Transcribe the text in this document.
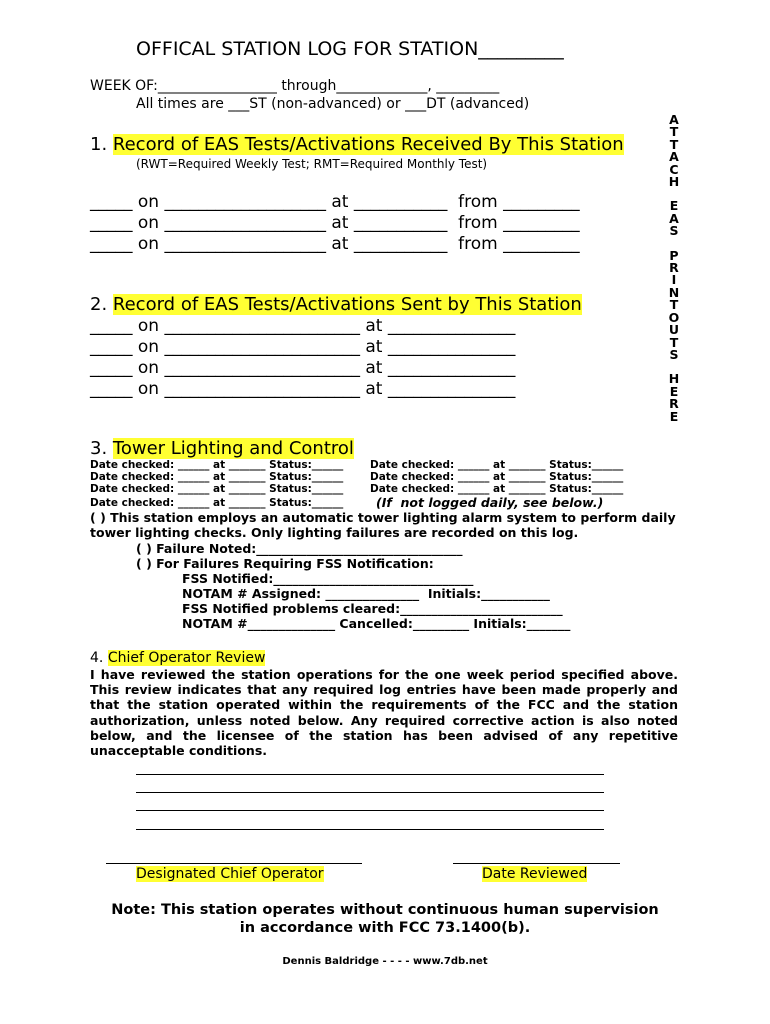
OFFICAL STATION LOG FOR STATION_________
WEEK OF:_________________ through_____________, _________
All times are ___ST (non-advanced) or ___DT (advanced)
1. Record of EAS Tests/Activations Received By This Station
(RWT=Required Weekly Test; RMT=Required Monthly Test)
_____ on ___________________ at ___________  from _________
_____ on ___________________ at ___________  from _________
_____ on ___________________ at ___________  from _________
2. Record of EAS Tests/Activations Sent by This Station
_____ on _______________________ at _______________
_____ on _______________________ at _______________
_____ on _______________________ at _______________
_____ on _______________________ at _______________
A
T
T
A
C
H
E
A
S
P
R
I
N
T
O
U
T
S
H
E
R
E
3. Tower Lighting and Control
Date checked: ______ at _______ Status:______
Date checked: ______ at _______ Status:______
Date checked: ______ at _______ Status:______
Date checked: ______ at _______ Status:______
Date checked: ______ at _______ Status:______
Date checked: ______ at _______ Status:______
Date checked: ______ at _______ Status:______
(If  not logged daily, see below.)
( ) This station employs an automatic tower lighting alarm system to perform daily tower lighting checks. Only lighting failures are recorded on this log.
( ) Failure Noted:_________________________________
( ) For Failures Requiring FSS Notification:
FSS Notified:________________________________
NOTAM # Assigned: _______________  Initials:___________
FSS Notified problems cleared:__________________________
NOTAM #______________ Cancelled:_________ Initials:_______
4. Chief Operator Review
I have reviewed the station operations for the one week period specified above. This review indicates that any required log entries have been made properly and that the station operated within the requirements of the FCC and the station authorization, unless noted below. Any required corrective action is also noted below, and the licensee of the station has been advised of any repetitive unacceptable conditions.
Designated Chief Operator	Date Reviewed
Note: This station operates without continuous human supervision
in accordance with FCC 73.1400(b).
Dennis Baldridge - - - - www.7db.net
